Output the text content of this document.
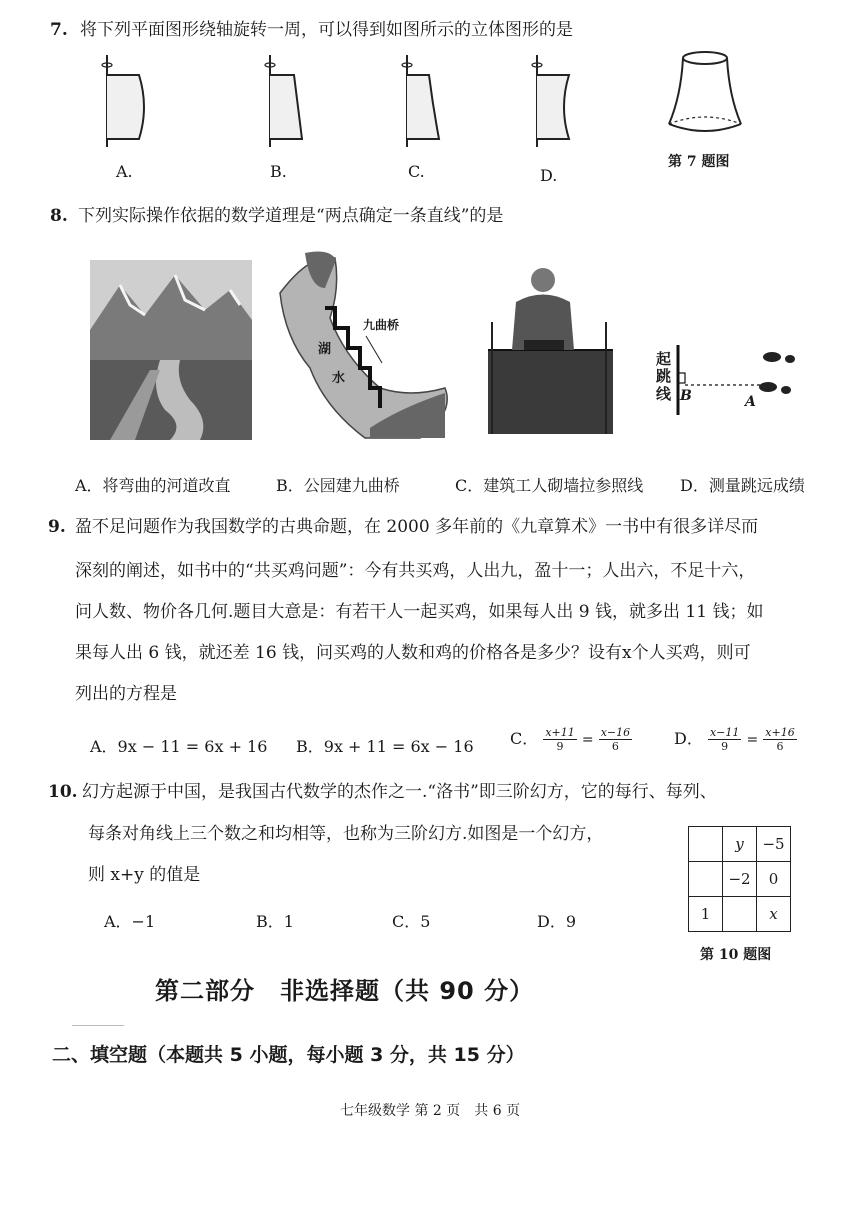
7. 将下列平面图形绕轴旋转一周，可以得到如图所示的立体图形的是
A.	B.	C.	D.
第 7 题图
8. 下列实际操作依据的数学道理是“两点确定一条直线”的是
九曲桥
湖
水
起跳线 B	A
A．将弯曲的河道改直	B．公园建九曲桥	C．建筑工人砌墙拉参照线 D．测量跳远成绩
9. 盈不足问题作为我国数学的古典命题，在 2000 多年前的《九章算术》一书中有很多详尽而
深刻的阐述，如书中的“共买鸡问题”：今有共买鸡，人出九，盈十一；人出六，不足十六，
问人数、物价各几何.题目大意是：有若干人一起买鸡，如果每人出 9 钱，就多出 11 钱；如
果每人出 6 钱，就还差 16 钱，问买鸡的人数和鸡的价格各是多少？设有x个人买鸡，则可
列出的方程是
A．9x − 11 = 6x + 16 B．9x + 11 = 6x − 16 C． $\frac{x+11}{9} = \frac{x-16}{6}$	D． $\frac{x-11}{9} = \frac{x+16}{6}$
10. 幻方起源于中国，是我国古代数学的杰作之一.“洛书”即三阶幻方，它的每行、每列、
每条对角线上三个数之和均相等，也称为三阶幻方.如图是一个幻方，
则 x+y 的值是
A．−1	B．1	C．5	D．9
	y	−5
	−2	0
1		x
第 10 题图
第二部分　非选择题（共 90 分）
二、填空题（本题共 5 小题，每小题 3 分，共 15 分）
七年级数学 第 2 页　共 6 页
